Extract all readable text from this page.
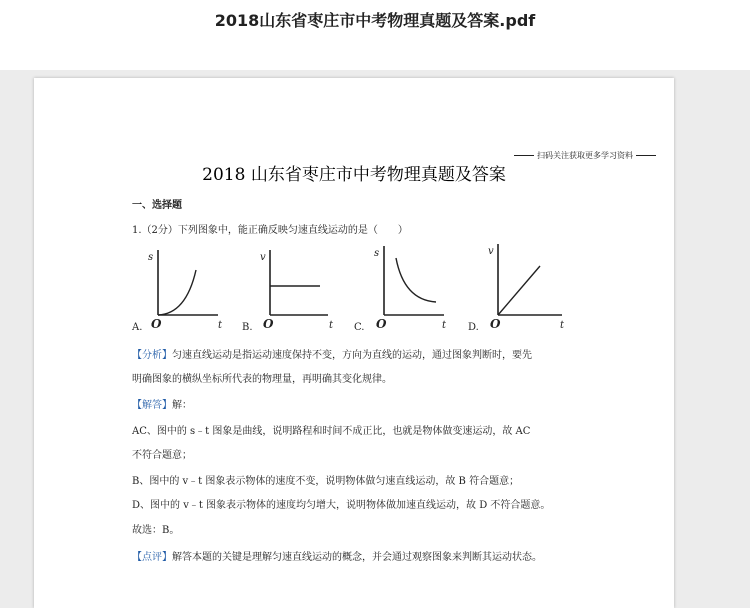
2018山东省枣庄市中考物理真题及答案.pdf
扫码关注获取更多学习资料
2018 山东省枣庄市中考物理真题及答案
一、选择题
1.（2分）下列图象中，能正确反映匀速直线运动的是（　　）
s
t
O
A.
v
t
O
B.
s
t
O
C.
v
t
O
D.
【分析】匀速直线运动是指运动速度保持不变，方向为直线的运动，通过图象判断时，要先
明确图象的横纵坐标所代表的物理量，再明确其变化规律。
【解答】解：
AC、图中的 s﹣t 图象是曲线，说明路程和时间不成正比，也就是物体做变速运动，故 AC
不符合题意；
B、图中的 v﹣t 图象表示物体的速度不变，说明物体做匀速直线运动，故 B 符合题意；
D、图中的 v﹣t 图象表示物体的速度均匀增大，说明物体做加速直线运动，故 D 不符合题意。
故选：B。
【点评】解答本题的关键是理解匀速直线运动的概念，并会通过观察图象来判断其运动状态。
